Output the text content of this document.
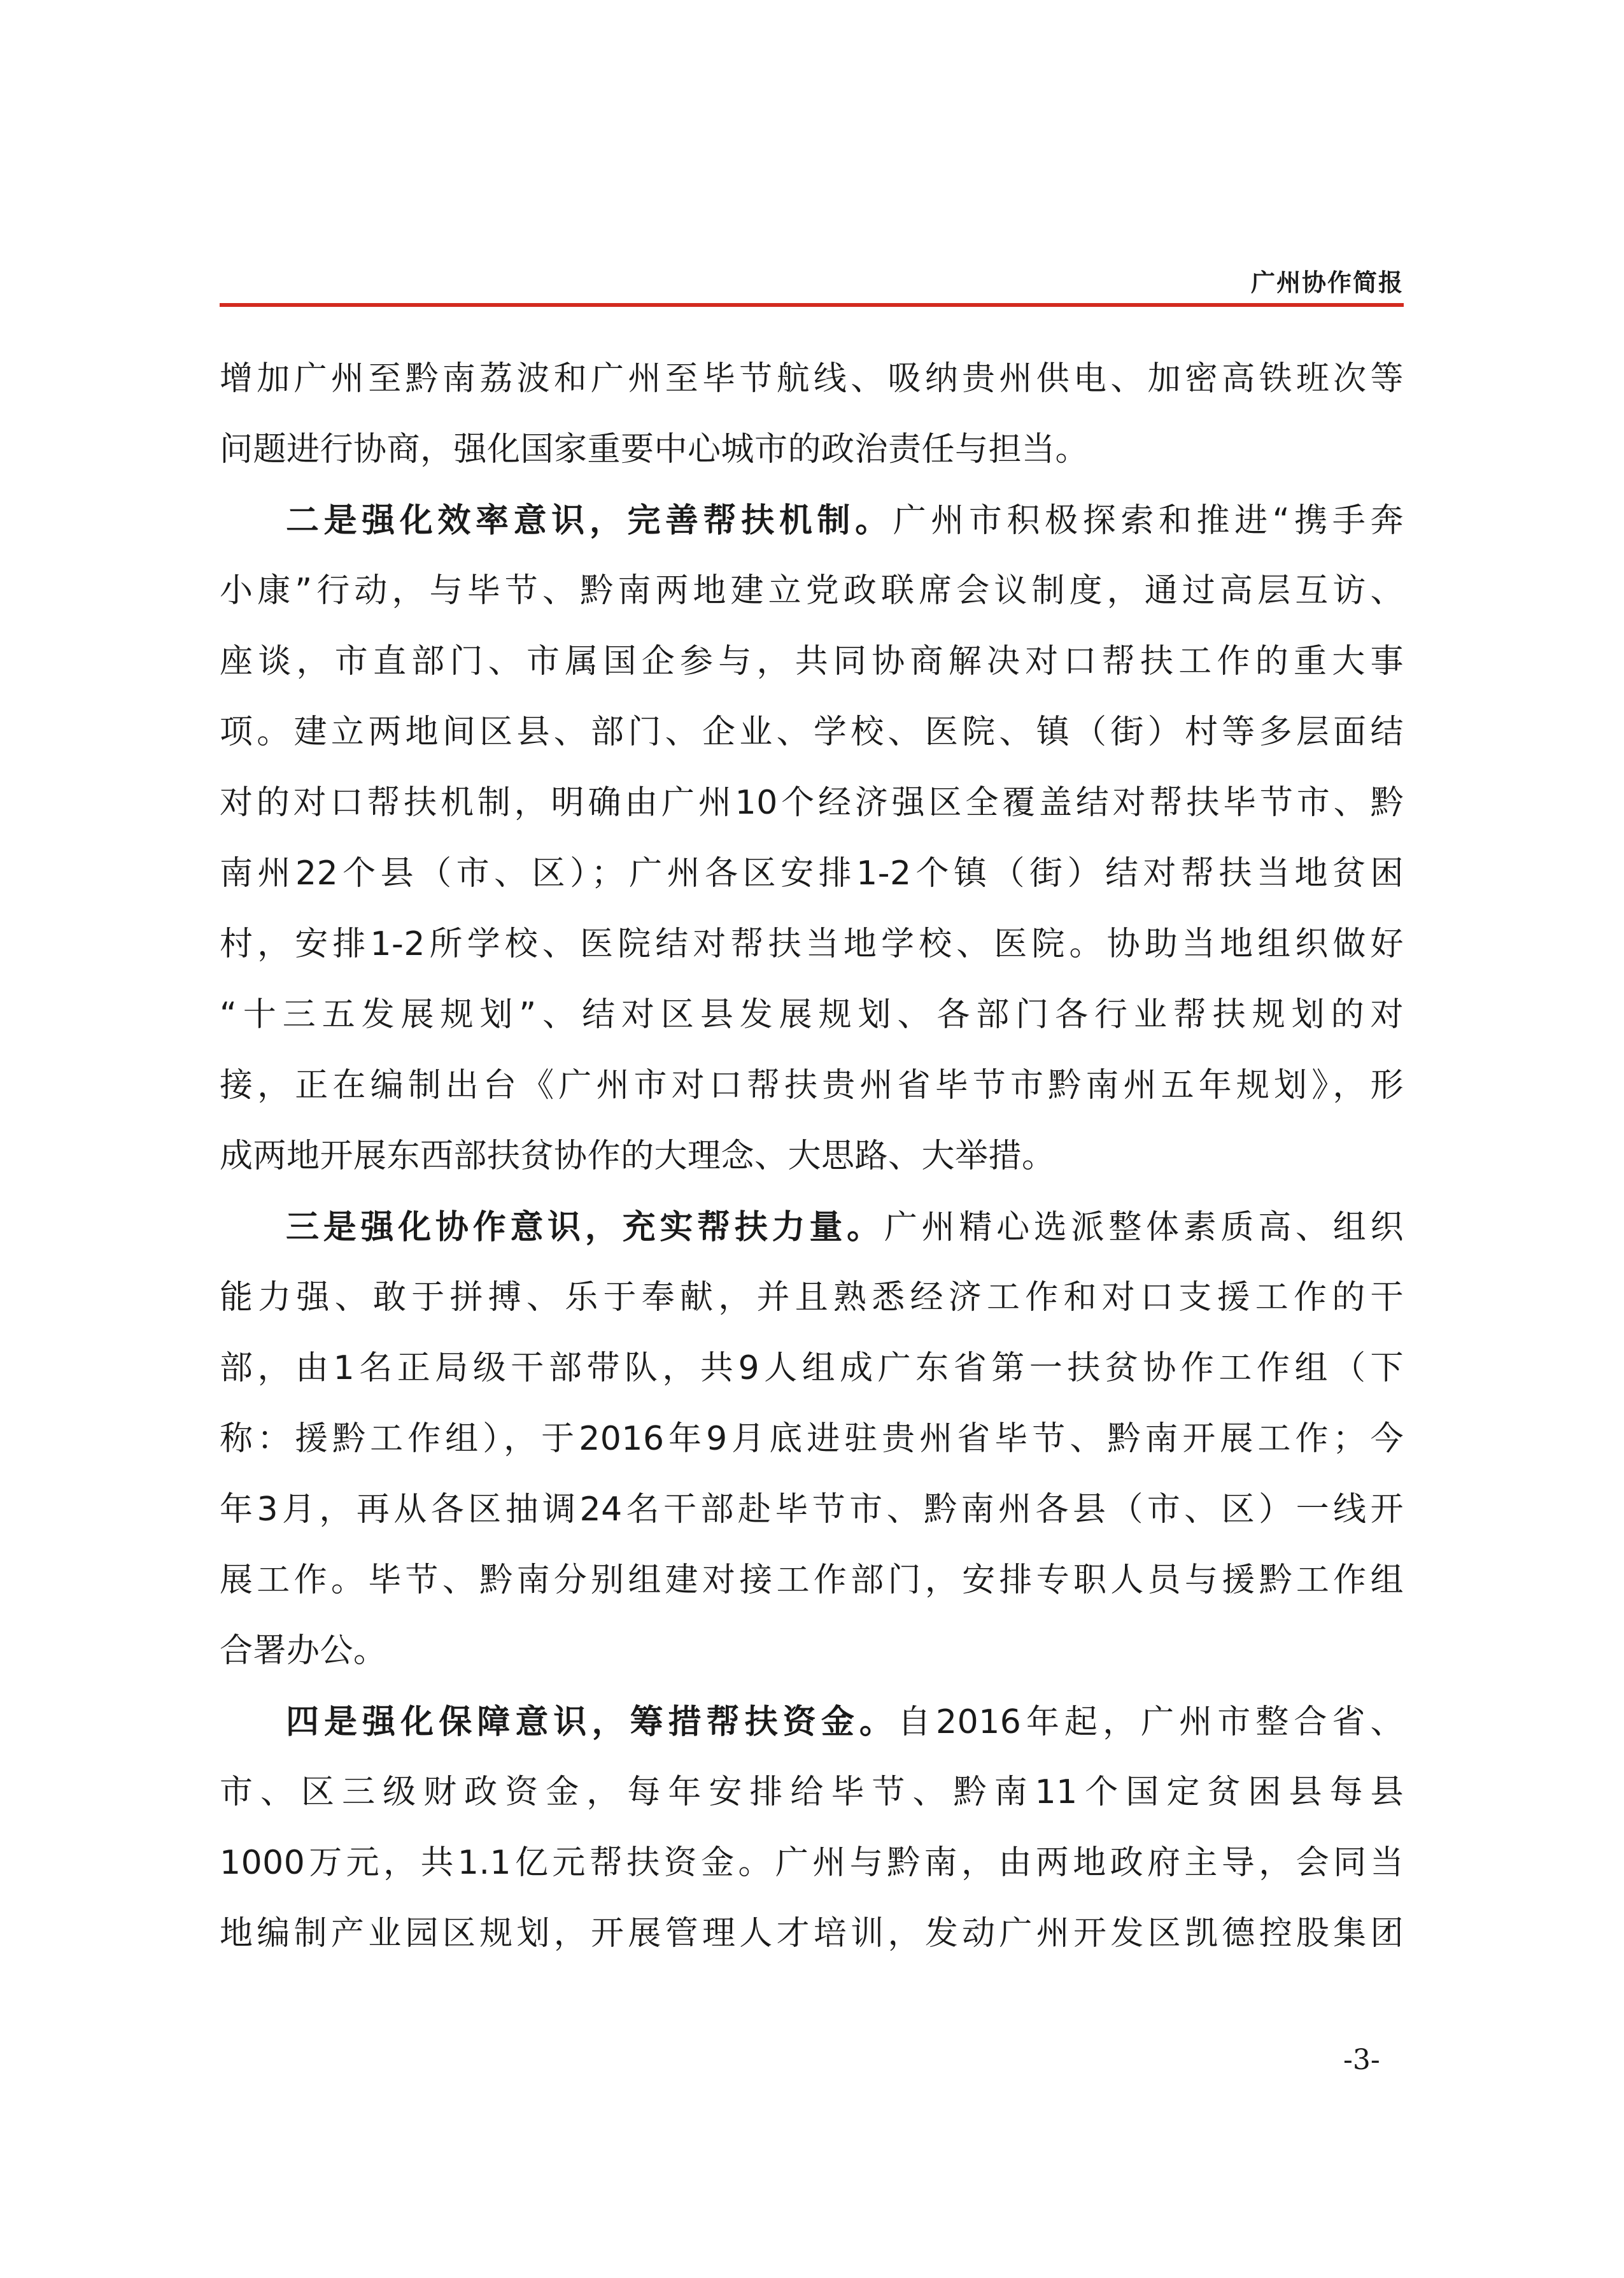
广州协作简报
增加广州至黔南荔波和广州至毕节航线、吸纳贵州供电、加密高铁班次等
问题进行协商，强化国家重要中心城市的政治责任与担当。
二是强化效率意识，完善帮扶机制。广州市积极探索和推进“携手奔
小康”行动，与毕节、黔南两地建立党政联席会议制度，通过高层互访、
座谈，市直部门、市属国企参与，共同协商解决对口帮扶工作的重大事
项。建立两地间区县、部门、企业、学校、医院、镇（街）村等多层面结
对的对口帮扶机制，明确由广州10个经济强区全覆盖结对帮扶毕节市、黔
南州22个县（市、区）；广州各区安排1-2个镇（街）结对帮扶当地贫困
村，安排1-2所学校、医院结对帮扶当地学校、医院。协助当地组织做好
“十三五发展规划”、结对区县发展规划、各部门各行业帮扶规划的对
接，正在编制出台《广州市对口帮扶贵州省毕节市黔南州五年规划》，形
成两地开展东西部扶贫协作的大理念、大思路、大举措。
三是强化协作意识，充实帮扶力量。广州精心选派整体素质高、组织
能力强、敢于拼搏、乐于奉献，并且熟悉经济工作和对口支援工作的干
部，由1名正局级干部带队，共9人组成广东省第一扶贫协作工作组（下
称：援黔工作组），于2016年9月底进驻贵州省毕节、黔南开展工作；今
年3月，再从各区抽调24名干部赴毕节市、黔南州各县（市、区）一线开
展工作。毕节、黔南分别组建对接工作部门，安排专职人员与援黔工作组
合署办公。
四是强化保障意识，筹措帮扶资金。自2016年起，广州市整合省、
市、区三级财政资金，每年安排给毕节、黔南11个国定贫困县每县
1000万元，共1.1亿元帮扶资金。广州与黔南，由两地政府主导，会同当
地编制产业园区规划，开展管理人才培训，发动广州开发区凯德控股集团
-3-
